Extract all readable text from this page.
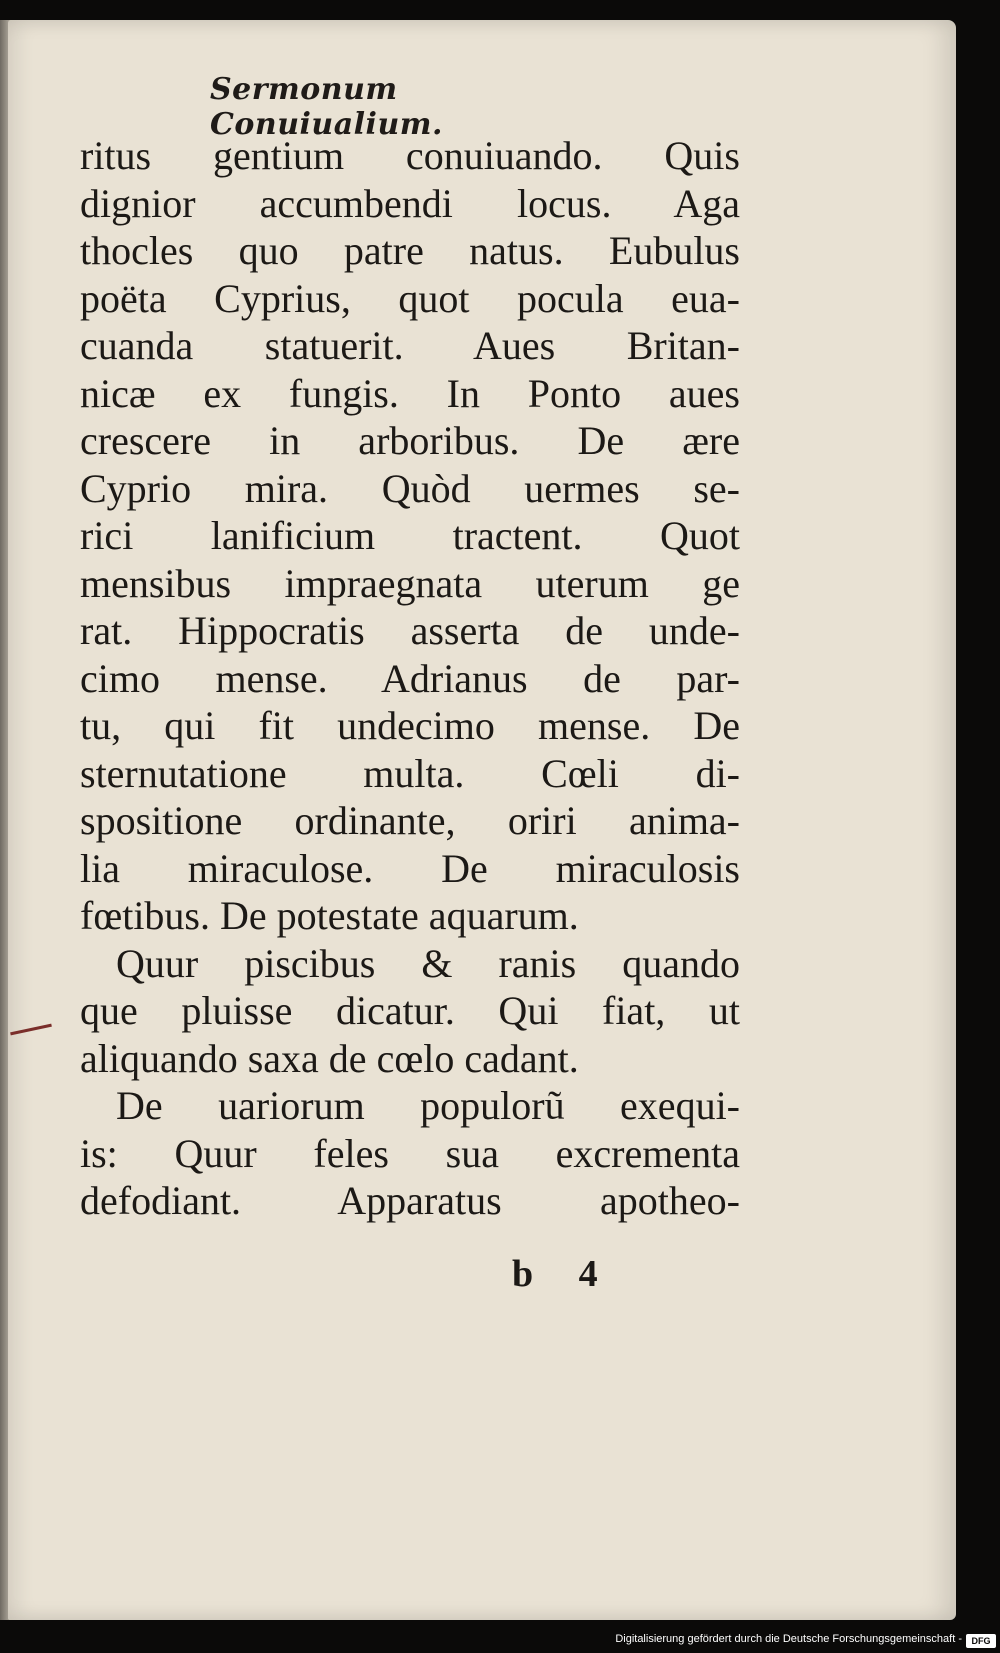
Sermonum Conuiualium.
ritus gentium conuiuando. Quis
dignior accumbendi locus. Aga
thocles quo patre natus. Eubulus
poëta Cyprius, quot pocula eua-
cuanda statuerit. Aues Britan-
nicæ ex fungis. In Ponto aues
crescere in arboribus. De ære
Cyprio mira. Quòd uermes se-
rici lanificium tractent. Quot
mensibus impraegnata uterum ge
rat. Hippocratis asserta de unde-
cimo mense. Adrianus de par-
tu, qui fit undecimo mense. De
sternutatione multa. Cœli di-
spositione ordinante, oriri anima-
lia miraculose. De miraculosis
fœtibus. De potestate aquarum.
Quur piscibus & ranis quando
que pluisse dicatur. Qui fiat, ut
aliquando saxa de cœlo cadant.
De uariorum populorũ exequi-
is: Quur feles sua excrementa
defodiant. Apparatus apotheo-
b 4
Digitalisierung gefördert durch die Deutsche Forschungsgemeinschaft -	DFG
